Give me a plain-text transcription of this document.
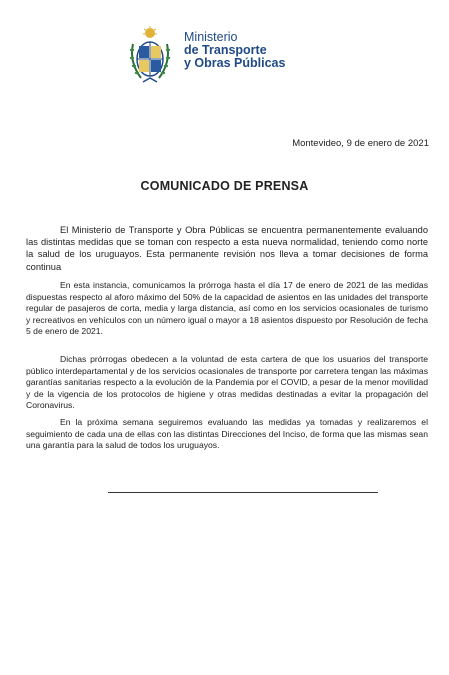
Ministerio
de Transporte
y Obras Públicas
Montevideo, 9 de enero de 2021
COMUNICADO DE PRENSA

El Ministerio de Transporte y Obra Públicas se encuentra permanentemente evaluando las distintas medidas que se toman con respecto a esta nueva normalidad, teniendo como norte la salud de los uruguayos. Esta permanente revisión nos lleva a tomar decisiones de forma continua

En esta instancia, comunicamos la prórroga hasta el día 17 de enero de 2021 de las medidas dispuestas respecto al aforo máximo del 50% de la capacidad de asientos en las unidades del transporte regular de pasajeros de corta, media y larga distancia, así como en los servicios ocasionales de turismo y recreativos en vehículos con un número igual o mayor a 18 asientos dispuesto por Resolución de fecha 5 de enero de 2021.

Dichas prórrogas obedecen a la voluntad de esta cartera de que los usuarios del transporte público interdepartamental y de los servicios ocasionales de transporte por carretera tengan las máximas garantías sanitarias respecto a la evolución de la Pandemia por el COVID, a pesar de la menor movilidad y de la vigencia de los protocolos de higiene y otras medidas destinadas a evitar la propagación del Coronavirus.

En la próxima semana seguiremos evaluando las medidas ya tomadas y realizaremos el seguimiento de cada una de ellas con las distintas Direcciones del Inciso, de forma que las mismas sean una garantía para la salud de todos los uruguayos.
